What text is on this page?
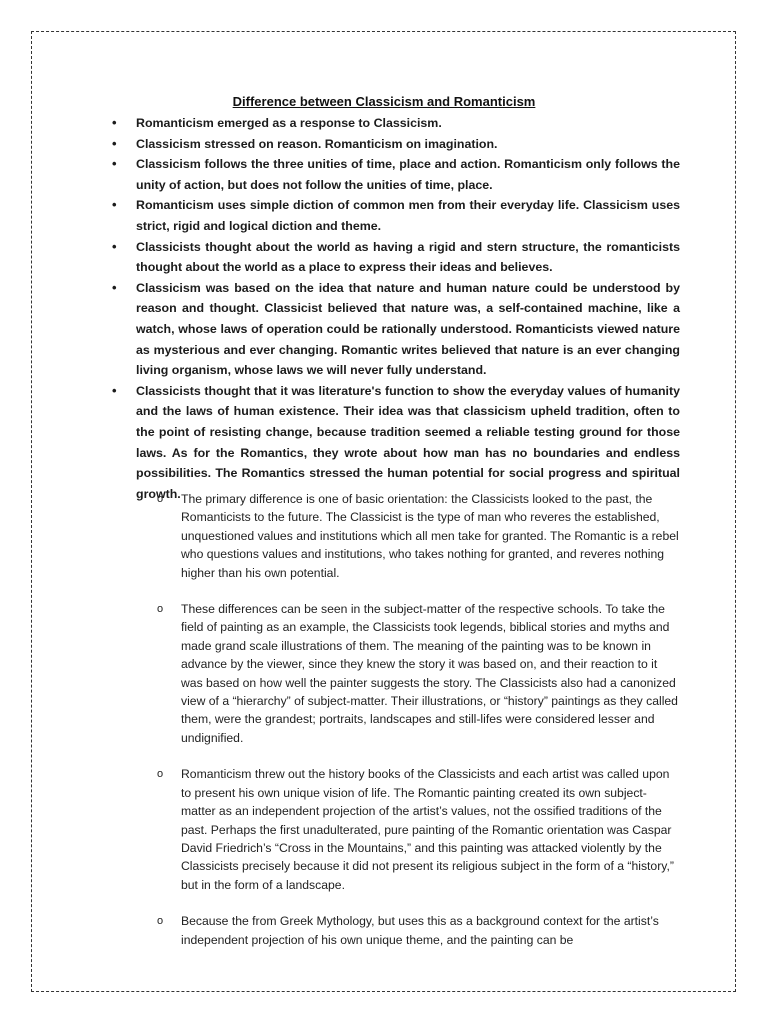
Difference between Classicism and Romanticism
• Romanticism emerged as a response to Classicism.
• Classicism stressed on reason. Romanticism on imagination.
• Classicism follows the three unities of time, place and action. Romanticism only follows the unity of action, but does not follow the unities of time, place.
• Romanticism uses simple diction of common men from their everyday life. Classicism uses strict, rigid and logical diction and theme.
• Classicists thought about the world as having a rigid and stern structure, the romanticists thought about the world as a place to express their ideas and believes.
• Classicism was based on the idea that nature and human nature could be understood by reason and thought. Classicist believed that nature was, a self-contained machine, like a watch, whose laws of operation could be rationally understood. Romanticists viewed nature as mysterious and ever changing. Romantic writes believed that nature is an ever changing living organism, whose laws we will never fully understand.
• Classicists thought that it was literature's function to show the everyday values of humanity and the laws of human existence. Their idea was that classicism upheld tradition, often to the point of resisting change, because tradition seemed a reliable testing ground for those laws. As for the Romantics, they wrote about how man has no boundaries and endless possibilities. The Romantics stressed the human potential for social progress and spiritual growth.
o The primary difference is one of basic orientation: the Classicists looked to the past, the Romanticists to the future. The Classicist is the type of man who reveres the established, unquestioned values and institutions which all men take for granted. The Romantic is a rebel who questions values and institutions, who takes nothing for granted, and reveres nothing higher than his own potential.
o These differences can be seen in the subject-matter of the respective schools. To take the field of painting as an example, the Classicists took legends, biblical stories and myths and made grand scale illustrations of them. The meaning of the painting was to be known in advance by the viewer, since they knew the story it was based on, and their reaction to it was based on how well the painter suggests the story. The Classicists also had a canonized view of a “hierarchy” of subject-matter. Their illustrations, or “history” paintings as they called them, were the grandest; portraits, landscapes and still-lifes were considered lesser and undignified.
o Romanticism threw out the history books of the Classicists and each artist was called upon to present his own unique vision of life. The Romantic painting created its own subject-matter as an independent projection of the artist’s values, not the ossified traditions of the past. Perhaps the first unadulterated, pure painting of the Romantic orientation was Caspar David Friedrich’s “Cross in the Mountains,” and this painting was attacked violently by the Classicists precisely because it did not present its religious subject in the form of a “history,” but in the form of a landscape.
o Because the from Greek Mythology, but uses this as a background context for the artist’s independent projection of his own unique theme, and the painting can be
